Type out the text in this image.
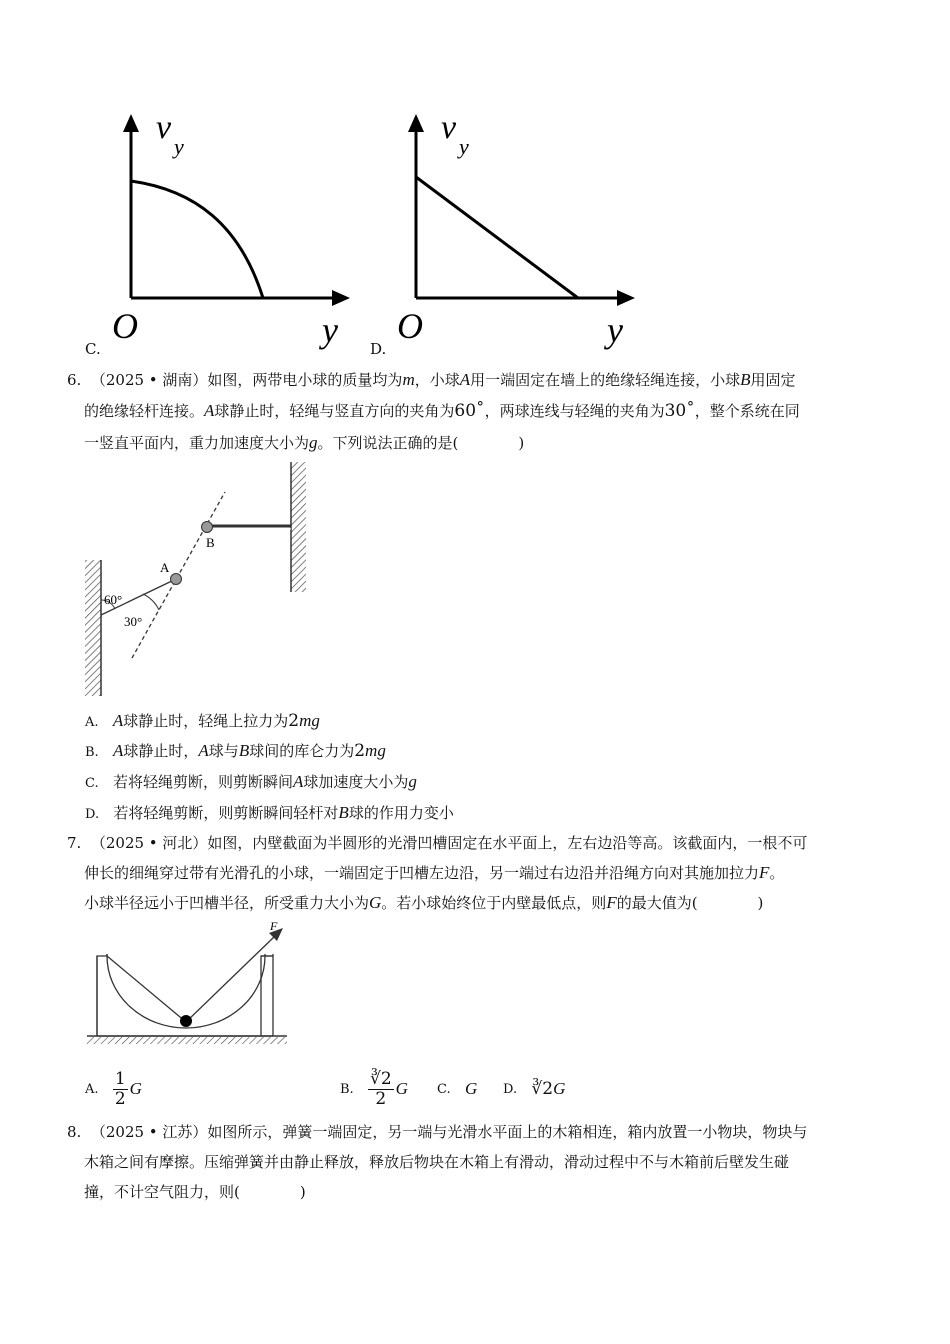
v
y
O	y
C.
v
y
O	y
D.
6. （2025 • 湖南）如图，两带电小球的质量均为m，小球A用一端固定在墙上的绝缘轻绳连接，小球B用固定
的绝缘轻杆连接。A球静止时，轻绳与竖直方向的夹角为60˚，两球连线与轻绳的夹角为30˚，整个系统在同
一竖直平面内，重力加速度大小为g。下列说法正确的是(　　　　)
A
B
60°
30°
A. A球静止时，轻绳上拉力为2mg
B. A球静止时，A球与B球间的库仑力为2mg
C. 若将轻绳剪断，则剪断瞬间A球加速度大小为g
D. 若将轻绳剪断，则剪断瞬间轻杆对B球的作用力变小
7. （2025 • 河北）如图，内壁截面为半圆形的光滑凹槽固定在水平面上，左右边沿等高。该截面内，一根不可
伸长的细绳穿过带有光滑孔的小球，一端固定于凹槽左边沿，另一端过右边沿并沿绳方向对其施加拉力F。
小球半径远小于凹槽半径，所受重力大小为G。若小球始终位于内壁最低点，则F的最大值为(　　　　)
F
A.
$\frac{1}{2}$ G	B.
$\frac{∛2}{2}$ G C.
G D.
∛2 G
8. （2025 • 江苏）如图所示，弹簧一端固定，另一端与光滑水平面上的木箱相连，箱内放置一小物块，物块与
木箱之间有摩擦。压缩弹簧并由静止释放，释放后物块在木箱上有滑动，滑动过程中不与木箱前后壁发生碰
撞，不计空气阻力，则(　　　　)
